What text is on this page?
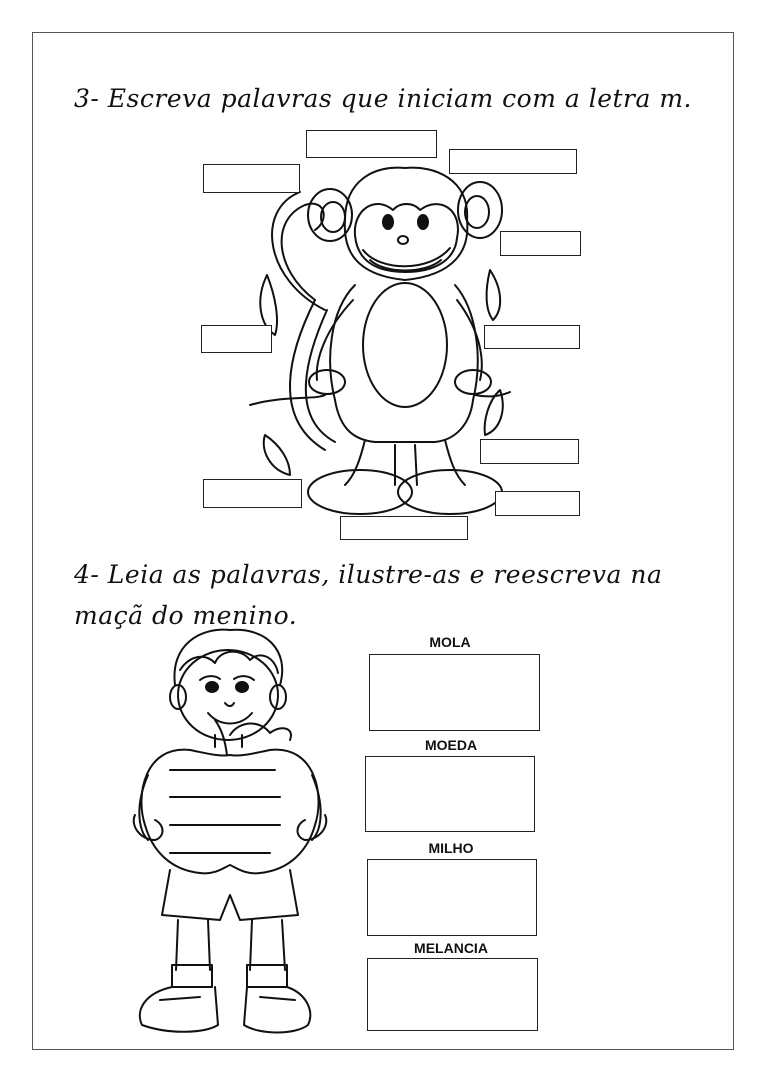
3- Escreva palavras que iniciam com a letra m.
4- Leia as palavras, ilustre-as e reescreva na
maçã do menino.
MOLA
MOEDA
MILHO
MELANCIA
